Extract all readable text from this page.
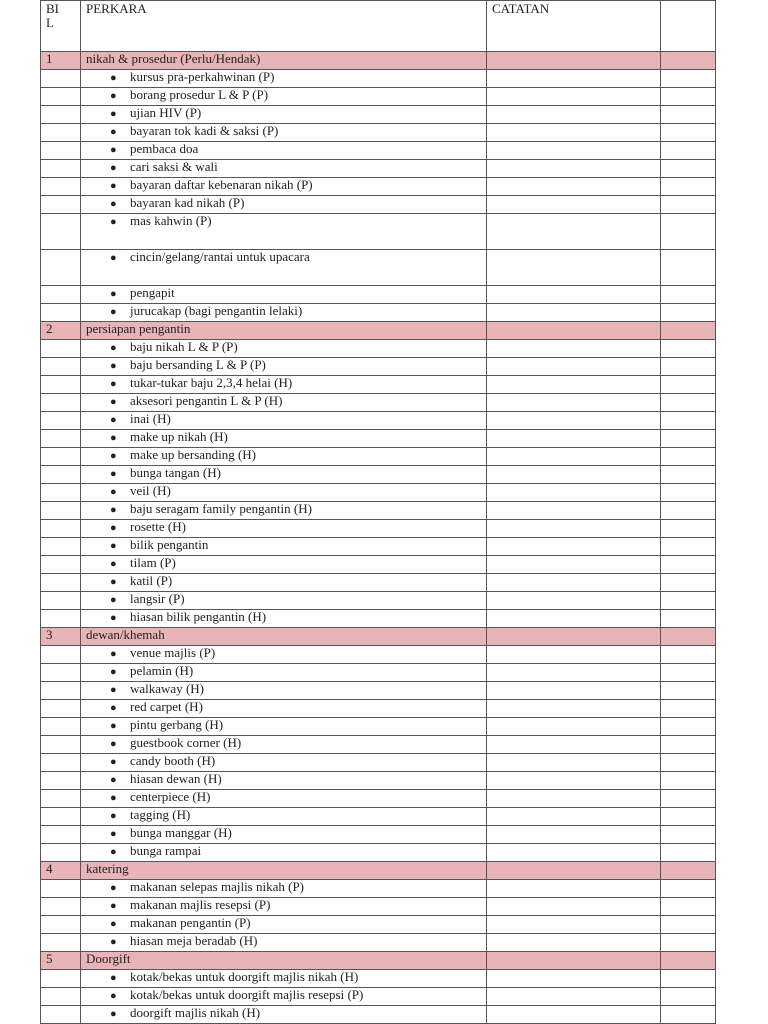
BIL	PERKARA	CATATAN	
1	nikah & prosedur (Perlu/Hendak)		
	● kursus pra-perkahwinan (P)		
	● borang prosedur L & P (P)		
	● ujian HIV (P)		
	● bayaran tok kadi & saksi (P)		
	● pembaca doa		
	● cari saksi & wali		
	● bayaran daftar kebenaran nikah (P)		
	● bayaran kad nikah (P)		
	● mas kahwin (P)		
	● cincin/gelang/rantai untuk upacara		
	● pengapit		
	● jurucakap (bagi pengantin lelaki)		
2	persiapan pengantin		
	● baju nikah L & P (P)		
	● baju bersanding L & P (P)		
	● tukar-tukar baju 2,3,4 helai (H)		
	● aksesori pengantin L & P (H)		
	● inai (H)		
	● make up nikah (H)		
	● make up bersanding (H)		
	● bunga tangan (H)		
	● veil (H)		
	● baju seragam family pengantin (H)		
	● rosette (H)		
	● bilik pengantin		
	● tilam (P)		
	● katil (P)		
	● langsir (P)		
	● hiasan bilik pengantin (H)		
3	dewan/khemah		
	● venue majlis (P)		
	● pelamin (H)		
	● walkaway (H)		
	● red carpet (H)		
	● pintu gerbang (H)		
	● guestbook corner (H)		
	● candy booth (H)		
	● hiasan dewan (H)		
	● centerpiece (H)		
	● tagging (H)		
	● bunga manggar (H)		
	● bunga rampai		
4	katering		
	● makanan selepas majlis nikah (P)		
	● makanan majlis resepsi (P)		
	● makanan pengantin (P)		
	● hiasan meja beradab (H)		
5	Doorgift		
	● kotak/bekas untuk doorgift majlis nikah (H)		
	● kotak/bekas untuk doorgift majlis resepsi (P)		
	● doorgift majlis nikah (H)		
